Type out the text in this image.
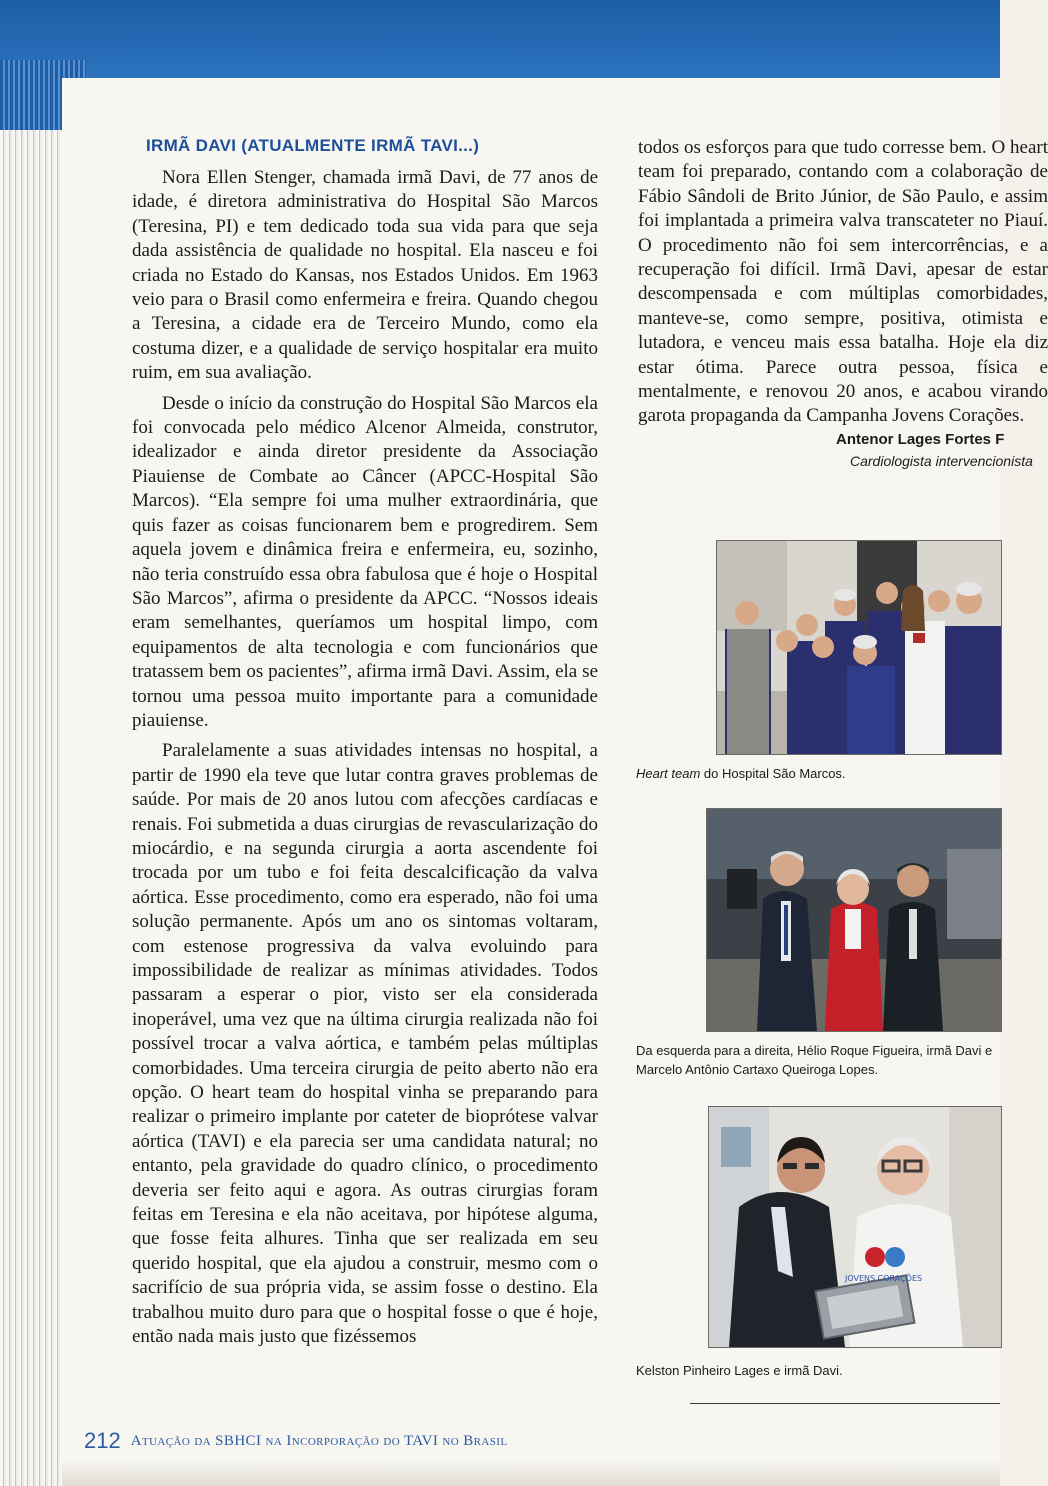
IRMÃ DAVI (ATUALMENTE IRMÃ TAVI...)

Nora Ellen Stenger, chamada irmã Davi, de 77 anos de idade, é diretora administrativa do Hospital São Marcos (Teresina, PI) e tem dedicado toda sua vida para que seja dada assistência de qualidade no hospital. Ela nasceu e foi criada no Estado do Kansas, nos Estados Unidos. Em 1963 veio para o Brasil como enfermeira e freira. Quando chegou a Teresina, a cidade era de Terceiro Mundo, como ela costuma dizer, e a qualidade de serviço hospitalar era muito ruim, em sua avaliação.

Desde o início da construção do Hospital São Marcos ela foi convocada pelo médico Alcenor Almeida, construtor, idealizador e ainda diretor presidente da Associação Piauiense de Combate ao Câncer (APCC-Hospital São Marcos). “Ela sempre foi uma mulher extraordinária, que quis fazer as coisas funcionarem bem e progredirem. Sem aquela jovem e dinâmica freira e enfermeira, eu, sozinho, não teria construído essa obra fabulosa que é hoje o Hospital São Marcos”, afirma o presidente da APCC. “Nossos ideais eram semelhantes, queríamos um hospital limpo, com equipamentos de alta tecnologia e com funcionários que tratassem bem os pacientes”, afirma irmã Davi. Assim, ela se tornou uma pessoa muito importante para a comunidade piauiense.

Paralelamente a suas atividades intensas no hospital, a partir de 1990 ela teve que lutar contra graves problemas de saúde. Por mais de 20 anos lutou com afecções cardíacas e renais. Foi submetida a duas cirurgias de revascularização do miocárdio, e na segunda cirurgia a aorta ascendente foi trocada por um tubo e foi feita descalcificação da valva aórtica. Esse procedimento, como era esperado, não foi uma solução permanente. Após um ano os sintomas voltaram, com estenose progressiva da valva evoluindo para impossibilidade de realizar as mínimas atividades. Todos passaram a esperar o pior, visto ser ela considerada inoperável, uma vez que na última cirurgia realizada não foi possível trocar a valva aórtica, e também pelas múltiplas comorbidades. Uma terceira cirurgia de peito aberto não era opção. O heart team do hospital vinha se preparando para realizar o primeiro implante por cateter de bioprótese valvar aórtica (TAVI) e ela parecia ser uma candidata natural; no entanto, pela gravidade do quadro clínico, o procedimento deveria ser feito aqui e agora. As outras cirurgias foram feitas em Teresina e ela não aceitava, por hipótese alguma, que fosse feita alhures. Tinha que ser realizada em seu querido hospital, que ela ajudou a construir, mesmo com o sacrifício de sua própria vida, se assim fosse o destino. Ela trabalhou muito duro para que o hospital fosse o que é hoje, então nada mais justo que fizéssemos

todos os esforços para que tudo corresse bem. O heart team foi preparado, contando com a colaboração de Fábio Sândoli de Brito Júnior, de São Paulo, e assim foi implantada a primeira valva transcateter no Piauí. O procedimento não foi sem intercorrências, e a recuperação foi difícil. Irmã Davi, apesar de estar descompensada e com múltiplas comorbidades, manteve-se, como sempre, positiva, otimista e lutadora, e venceu mais essa batalha. Hoje ela diz estar ótima. Parece outra pessoa, física e mentalmente, e renovou 20 anos, e acabou virando garota propaganda da Campanha Jovens Corações.

Antenor Lages Fortes F
Cardiologista intervencionista
Heart team do Hospital São Marcos.
Da esquerda para a direita, Hélio Roque Figueira, irmã Davi e
Marcelo Antônio Cartaxo Queiroga Lopes.
JOVENS CORAÇÕES
Kelston Pinheiro Lages e irmã Davi.
212 Atuação da SBHCI na Incorporação do TAVI no Brasil
